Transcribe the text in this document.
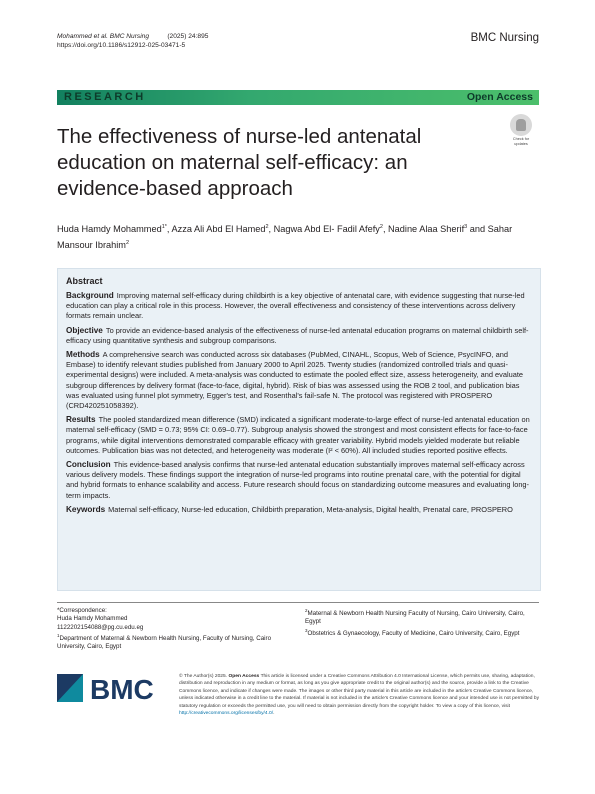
Mohammed et al. BMC Nursing	(2025) 24:895
https://doi.org/10.1186/s12912-025-03471-5
BMC Nursing
RESEARCH	Open Access
The effectiveness of nurse-led antenatal education on maternal self-efficacy: an evidence-based approach
Check for
updates
Huda Hamdy Mohammed$^{1*}$, Azza Ali Abd El Hamed$^2$, Nagwa Abd El- Fadil Afefy$^2$, Nadine Alaa Sherif$^3$ and Sahar Mansour Ibrahim$^2$
Abstract

Background Improving maternal self-efficacy during childbirth is a key objective of antenatal care, with evidence suggesting that nurse-led education can play a critical role in this process. However, the overall effectiveness and consistency of these interventions across delivery formats remain unclear.

Objective To provide an evidence-based analysis of the effectiveness of nurse-led antenatal education programs on maternal childbirth self-efficacy using quantitative synthesis and subgroup comparisons.

Methods A comprehensive search was conducted across six databases (PubMed, CINAHL, Scopus, Web of Science, PsycINFO, and Embase) to identify relevant studies published from January 2000 to April 2025. Twenty studies (randomized controlled trials and quasi-experimental designs) were included. A meta-analysis was conducted to estimate the pooled effect size, assess heterogeneity, and evaluate subgroup differences by delivery format (face-to-face, digital, hybrid). Risk of bias was assessed using the ROB 2 tool, and publication bias was evaluated using funnel plot symmetry, Egger's test, and Rosenthal's fail-safe N. The protocol was registered with PROSPERO (CRD420251058392).

Results The pooled standardized mean difference (SMD) indicated a significant moderate-to-large effect of nurse-led antenatal education on maternal self-efficacy (SMD = 0.73; 95% CI: 0.69–0.77). Subgroup analysis showed the strongest and most consistent effects for face-to-face programs, while digital interventions demonstrated comparable efficacy with greater variability. Hybrid models yielded moderate but reliable outcomes. Publication bias was not detected, and heterogeneity was moderate (I² < 60%). All included studies reported positive effects.

Conclusion This evidence-based analysis confirms that nurse-led antenatal education substantially improves maternal self-efficacy across various delivery models. These findings support the integration of nurse-led programs into routine prenatal care, with the potential for digital and hybrid formats to enhance scalability and access. Future research should focus on standardizing outcome measures and evaluating long-term impacts.

Keywords Maternal self-efficacy, Nurse-led education, Childbirth preparation, Meta-analysis, Digital health, Prenatal care, PROSPERO

*Correspondence:
Huda Hamdy Mohammed
1122202154088@pg.cu.edu.eg
$^1$Department of Maternal & Newborn Health Nursing, Faculty of Nursing, Cairo University, Cairo, Egypt
$^2$Maternal & Newborn Health Nursing Faculty of Nursing, Cairo University, Cairo, Egypt
$^3$Obstetrics & Gynaecology, Faculty of Medicine, Cairo University, Cairo, Egypt
BMC	© The Author(s) 2025. Open Access This article is licensed under a Creative Commons Attribution 4.0 International License, which permits use, sharing, adaptation, distribution and reproduction in any medium or format, as long as you give appropriate credit to the original author(s) and the source, provide a link to the Creative Commons licence, and indicate if changes were made. The images or other third party material in this article are included in the article's Creative Commons licence, unless indicated otherwise in a credit line to the material. If material is not included in the article's Creative Commons licence and your intended use is not permitted by statutory regulation or exceeds the permitted use, you will need to obtain permission directly from the copyright holder. To view a copy of this licence, visit http://creativecommons.org/licenses/by/4.0/.
